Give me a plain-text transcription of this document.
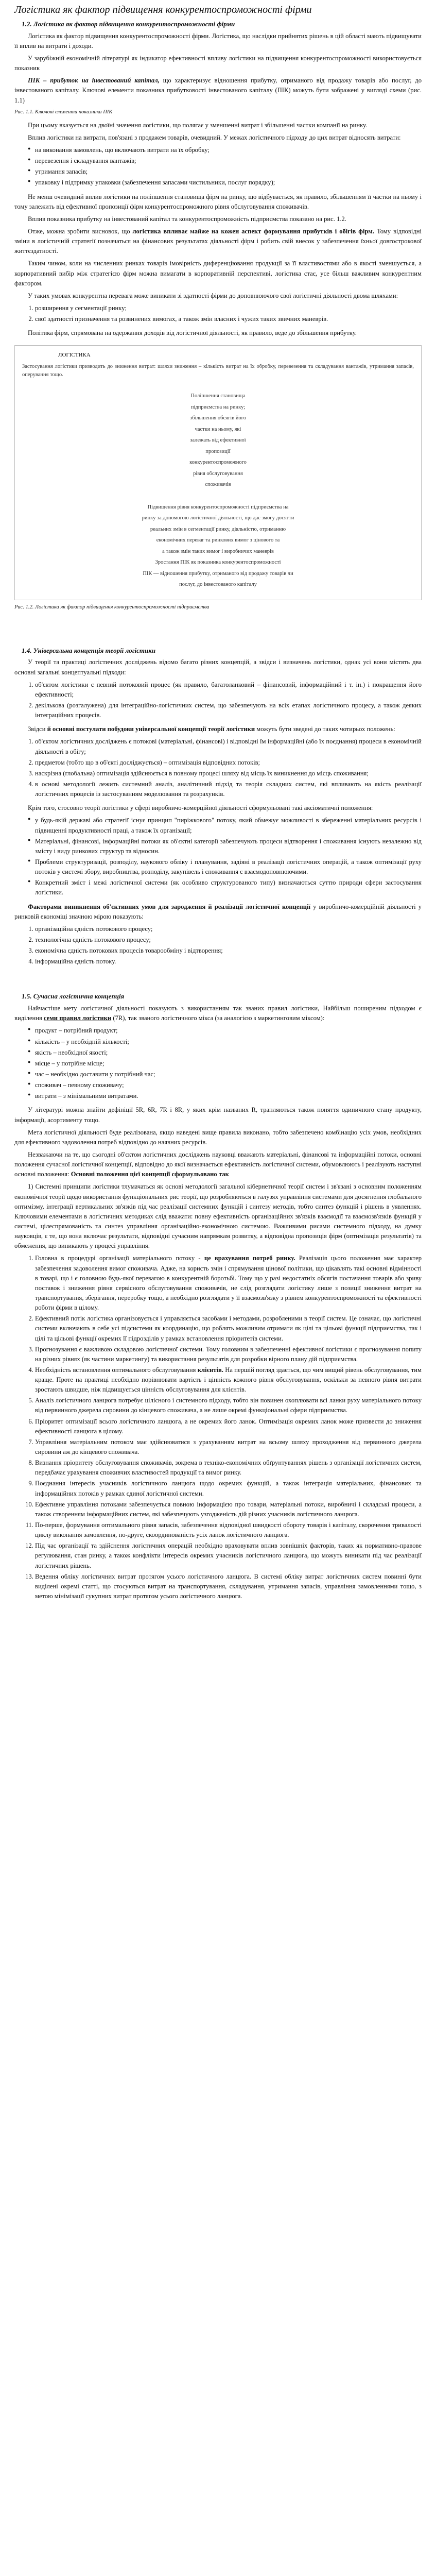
Логістика як фактор підвищення конкурентоспроможності фірми
1.2. Логістика як фактор підвищення конкурентоспроможності фірми

Логістика як фактор підвищення конкурентоспроможності фірми. Логістика, що наслідки прийнятих рішень в цій області мають підвищувати її вплив на витрати і доходи.

У зарубіжній економічній літературі як індикатор ефективності впливу логістики на підвищення конкурентоспроможності використовується показник

ПІК – прибуток на інвестований капітал, що характеризує відношення прибутку, отриманого від продажу товарів або послуг, до інвестованого капіталу. Ключові елементи показника прибутковості інвестованого капіталу (ПІК) можуть бути зображені у вигляді схеми (рис. 1.1)

Рис. 1.1. Ключові елементи показника ПІК

При цьому вказується на двоїні значення логістики, що полягає у зменшенні витрат і збільшенні частки компанії на ринку.

Вплив логістики на витрати, пов'язані з продажем товарів, очевидний. У межах логістичного підходу до цих витрат відносять витрати:

● на виконання замовлень, що включають витрати на їх обробку;
● перевезення і складування вантажів;
● утримання запасів;
● упаковку і підтримку упаковки (забезпечення запасами чистильники, послуг порядку);

Не менш очевидний вплив логістики на поліпшення становища фірм на ринку, що відбувається, як правило, збільшенням її частки на ньому і тому залежить від ефективної пропозиції фірм конкурентоспроможного рівня обслуговування споживачів.

Вплив показника прибутку на інвестований капітал та конкурентоспроможність підприємства показано на рис. 1.2.

Отже, можна зробити висновок, що логістика впливає майже на кожен аспект формування прибутків і обігів фірм. Тому відповідні зміни в логістичній стратегії позначаться на фінансових результатах діяльності фірм і робить свій внесок у забезпечення їхньої довгострокової життєздатності.

Таким чином, коли на численних ринках товарів імовірність диференціювання продукції за її властивостями або в якості зменшується, а корпоративний вибір між стратегією фірм можна вимагати в корпоративній перспективі, логістика стає, усе більш важливим конкурентним фактором.

У таких умовах конкурентна перевага може виникати зі здатності фірми до доповнюючого свої логістичні діяльності двома шляхами:

1. розширення у сегментації ринку;
2. свої здатності призначення та розвинених вимогах, а також змін власних і чужих таких звичних маневрів.

Політика фірм, спрямована на одержання доходів від логістичної діяльності, як правило, веде до збільшення прибутку.

ЛОГІСТИКА
Застосування логістики призводить до зниження витрат: шляхи зниження – кількість витрат на їх обробку, перевезення та складування вантажів, утримання запасів, оперування тощо.
Поліпшення становища
підприємства на ринку;
збільшення обсягів його
частки на ньому, які
залежать від ефективної
пропозиції
конкурентоспроможного
рівня обслуговування
споживачів
Підвищення рівня конкурентоспроможності підприємства на
ринку за допомогою логістичної діяльності, що дає змогу досягти
реальних змін в сегментації ринку, діяльністю, отриманню
економічних переваг та ринкових вимог з цінового та
а також змін таких вимог і виробничих маневрів
Зростання ПІК як показника конкурентоспроможності
ПІК — відношення прибутку, отриманого від продажу товарів чи
послуг, до інвестованого капіталу

Рис. 1.2. Логістика як фактор підвищення конкурентоспроможності підприємства

1.4. Універсальна концепція теорії логістики

У теорії та практиці логістичних досліджень відомо багато різних концепцій, а звідси і визначень логістики, однак усі вони містять два основні загальні концептуальні підходи:

1. об'єктом логістики є певний потоковий процес (як правило, багатоланковий – фінансовий, інформаційний і т. ін.) і покращення його ефективності;
2. декількова (розгалужена) для інтеграційно-логістичних систем, що забезпечують на всіх етапах логістичного процесу, а також деяких інтеграційних процесів.

Звідси й основні постулати побудови універсальної концепції теорії логістики можуть бути зведені до таких чотирьох положень:

1. об'єктом логістичних досліджень є потокові (матеріальні, фінансові) і відповідні їм інформаційні (або їх поєднання) процеси в економічній діяльності в обігу;
2. предметом (тобто що в об'єкті досліджується) – оптимізація відповідних потоків;
3. наскрізна (глобальна) оптимізація здійснюється в повному процесі шляху від місць їх виникнення до місць споживання;
4. в основі методології лежить системний аналіз, аналітичний підхід та теорія складних систем, які впливають на якість реалізації логістичних процесів із застосуванням моделювання та розрахунків.

Крім того, стосовно теорії логістики у сфері виробничо-комерційної діяльності сформульовані такі аксіоматичні положення:

● у будь-якій державі або стратегії існує принцип "пиріжкового" потоку, який обмежує можливості в збереженні матеріальних ресурсів і підвищенні продуктивності праці, а також їх організації;
● Матеріальні, фінансові, інформаційні потоки як об'єктні категорії забезпечують процеси відтворення і споживання існують незалежно від змісту і виду ринкових структур та відносин.
● Проблеми структуризації, розподілу, наукового обліку і планування, задіяні в реалізації логістичних операцій, а також оптимізації руху потоків у системі збору, виробництва, розподілу, закупівель і споживання є взаємодоповнюючими.
● Конкретний зміст і межі логістичної системи (як особливо структурованого типу) визначаються суттю природи сфери застосування логістики.

Факторами виникнення об'єктивних умов для зародження й реалізації логістичної концепції у виробничо-комерційній діяльності у ринковій економіці значною мірою показують:

1. організаційна єдність потокового процесу;
2. технологічна єдність потокового процесу;
3. економічна єдність потокових процесів товарообміну і відтворення;
4. інформаційна єдність потоку.
1.5. Сучасна логістична концепція

Найчастіше мету логістичної діяльності показують з використанням так званих правил логістики, Найбільш поширеним підходом є виділення семи правил логістики (7R), так званого логістичного мікса (за аналогією з маркетинговим міксом):

● продукт – потрібний продукт;
● кількість – у необхідній кількості;
● якість – необхідної якості;
● місце – у потрібне місце;
● час – необхідно доставити у потрібний час;
● споживач – певному споживачу;
● витрати – з мінімальними витратами.

У літературі можна знайти дефініції 5R, 6R, 7R і 8R, у яких крім названих R, трапляються також поняття одиничного стану продукту, інформації, асортименту тощо.

Мета логістичної діяльності буде реалізована, якщо наведені вище правила виконано, тобто забезпечено комбінацію усіх умов, необхідних для ефективного задоволення потреб відповідно до наявних ресурсів.

Незважаючи на те, що сьогодні об'єктом логістичних досліджень науковці вважають матеріальні, фінансові та інформаційні потоки, основні положення сучасної логістичної концепції, відповідно до якої визначається ефективність логістичної системи, обумовлюють і реалізують наступні основні положення: Основні положення цієї концепції сформульовано так

1) Системні принципи логістики тлумачаться як основі методології загальної кібернетичної теорії систем і зв'язані з основним положенням економічної теорії щодо використання функціональних рис теорії, що розробляються в галузях управління системами для досягнення глобального оптимізму, інтеграції вертикальних зв'язків під час реалізації системних функцій і синтезу методів, тобто синтез функцій і рішень в уявленнях. Ключовими елементами в логістичних методиках слід вважати: повну ефективність організаційних зв'язків взаємодії та взаємозв'язків функцій у системі, цілеспрямованість та синтез управління організаційно-економічною системою. Важливими рисами системного підходу, на думку науковців, є те, що вона включає результати, відповідні сучасним напрямкам розвитку, а відповідна пропозиція фірм (оптимізація результатів) та обмеження, що виникають у процесі управління.

1. Головна в процедурі організації матеріального потоку - це врахування потреб ринку. Реалізація цього положення має характер забезпечення задоволення вимог споживача. Адже, на користь змін і спрямування цінової політики, що цікавлять такі основні відмінності в товарі, що і є головною будь-якої перевагою в конкурентній боротьбі. Тому що у разі недостатніх обсягів постачання товарів або зриву поставок і зниження рівня сервісного обслуговування споживачів, не слід розглядати логістику лише з позиції зниження витрат на транспортування, зберігання, переробку тощо, а необхідно розглядати у її взаємозв'язку з рівнем конкурентоспроможності та ефективності роботи фірми в цілому.
2. Ефективний потік логістика організовується і управляється засобами і методами, розробленими в теорії систем. Це означає, що логістичні системи включають в себе усі підсистеми як координацію, що роблять можливим отримати як цілі та цільові функції підприємства, так і цілі та цільові функції окремих її підрозділів у рамках встановлення пріоритетів системи.
3. Прогнозування є важливою складовою логістичної системи. Тому головним в забезпеченні ефективної логістики є прогнозування попиту на різних рівнях (як частини маркетингу) та використання результатів для розробки вірного плану дій підприємства.
4. Необхідність встановлення оптимального обслуговування клієнтів. На першій погляд здається, що чим вищий рівень обслуговування, тим краще. Проте на практиці необхідно порівнювати вартість і цінність кожного рівня обслуговування, оскільки за певного рівня витрати зростають швидше, ніж підвищується цінність обслуговування для клієнтів.
5. Аналіз логістичного ланцюга потребує цілісного і системного підходу, тобто він повинен охоплювати всі ланки руху матеріального потоку від первинного джерела сировини до кінцевого споживача, а не лише окремі функціональні сфери підприємства.
6. Пріоритет оптимізації всього логістичного ланцюга, а не окремих його ланок. Оптимізація окремих ланок може призвести до зниження ефективності ланцюга в цілому.
7. Управління матеріальним потоком має здійснюватися з урахуванням витрат на всьому шляху проходження від первинного джерела сировини аж до кінцевого споживача.
8. Визнання пріоритету обслуговування споживачів, зокрема в техніко-економічних обґрунтуваннях рішень з організації логістичних систем, передбачає урахування споживчих властивостей продукції та вимог ринку.
9. Поєднання інтересів учасників логістичного ланцюга щодо окремих функцій, а також інтеграція матеріальних, фінансових та інформаційних потоків у рамках єдиної логістичної системи.
10. Ефективне управління потоками забезпечується повною інформацією про товари, матеріальні потоки, виробничі і складські процеси, а також створенням інформаційних систем, які забезпечують узгодженість дій різних учасників логістичного ланцюга.
11. По-перше, формування оптимального рівня запасів, забезпечення відповідної швидкості обороту товарів і капіталу, скорочення тривалості циклу виконання замовлення, по-друге, скоординованість усіх ланок логістичного ланцюга.
12. Під час організації та здійснення логістичних операцій необхідно враховувати вплив зовнішніх факторів, таких як нормативно-правове регулювання, стан ринку, а також конфлікти інтересів окремих учасників логістичного ланцюга, що можуть виникати під час реалізації логістичних рішень.
13. Ведення обліку логістичних витрат протягом усього логістичного ланцюга. В системі обліку витрат логістичних систем повинні бути виділені окремі статті, що стосуються витрат на транспортування, складування, утримання запасів, управління замовленнями тощо, з метою мінімізації сукупних витрат протягом усього логістичного ланцюга.
